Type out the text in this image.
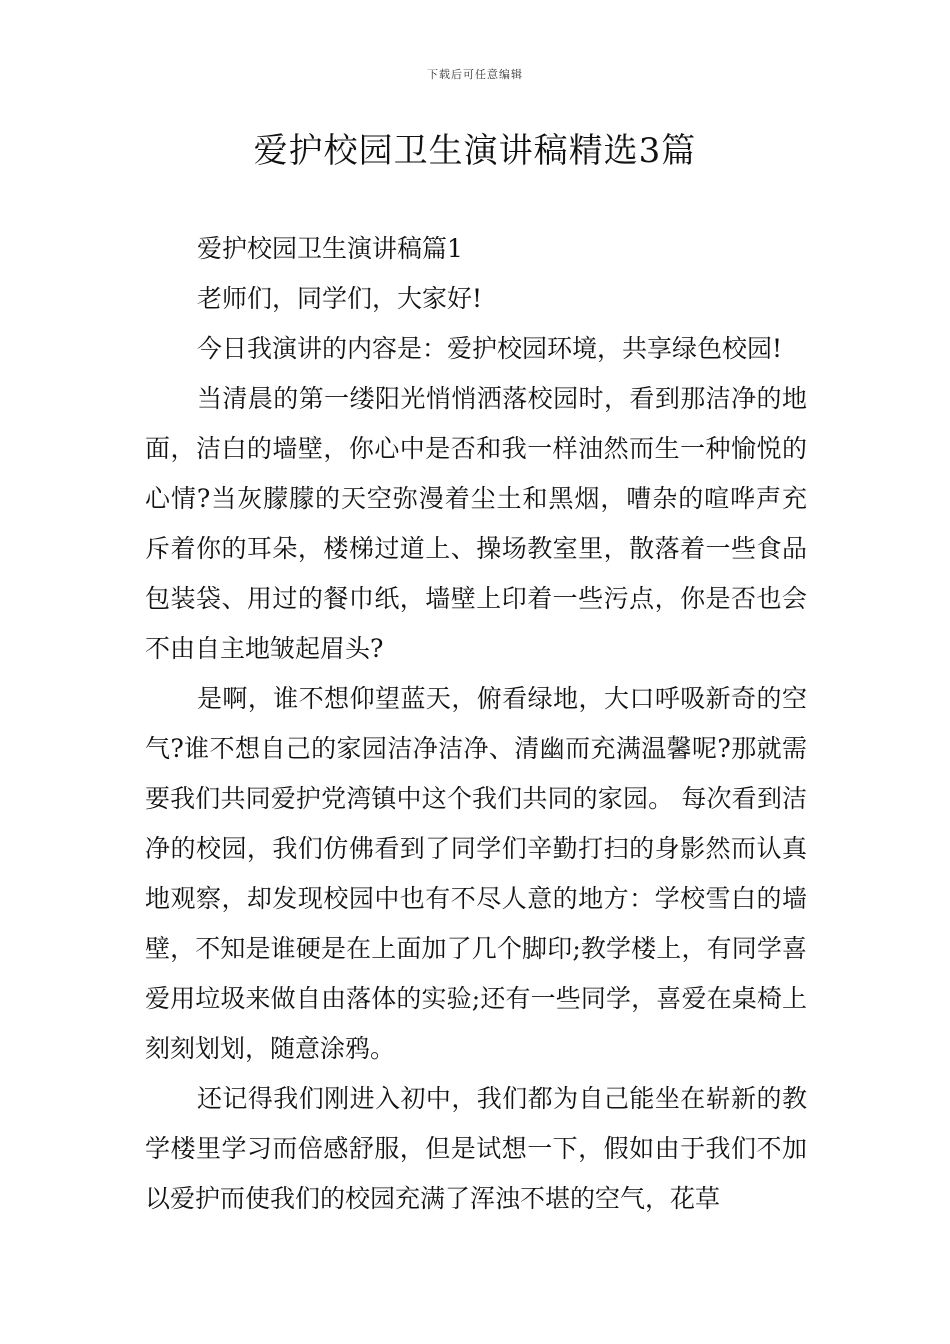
下载后可任意编辑
爱护校园卫生演讲稿精选3篇

爱护校园卫生演讲稿篇1

老师们，同学们，大家好!

今日我演讲的内容是：爱护校园环境，共享绿色校园!

当清晨的第一缕阳光悄悄洒落校园时，看到那洁净的地面，洁白的墙壁，你心中是否和我一样油然而生一种愉悦的心情?当灰朦朦的天空弥漫着尘土和黑烟，嘈杂的喧哗声充斥着你的耳朵，楼梯过道上、操场教室里，散落着一些食品包装袋、用过的餐巾纸，墙壁上印着一些污点，你是否也会不由自主地皱起眉头?

是啊，谁不想仰望蓝天，俯看绿地，大口呼吸新奇的空气?谁不想自己的家园洁净洁净、清幽而充满温馨呢?那就需要我们共同爱护党湾镇中这个我们共同的家园。 每次看到洁净的校园，我们仿佛看到了同学们辛勤打扫的身影然而认真地观察，却发现校园中也有不尽人意的地方：学校雪白的墙壁，不知是谁硬是在上面加了几个脚印;教学楼上，有同学喜爱用垃圾来做自由落体的实验;还有一些同学，喜爱在桌椅上刻刻划划，随意涂鸦。

还记得我们刚进入初中，我们都为自己能坐在崭新的教学楼里学习而倍感舒服，但是试想一下，假如由于我们不加以爱护而使我们的校园充满了浑浊不堪的空气，花草
